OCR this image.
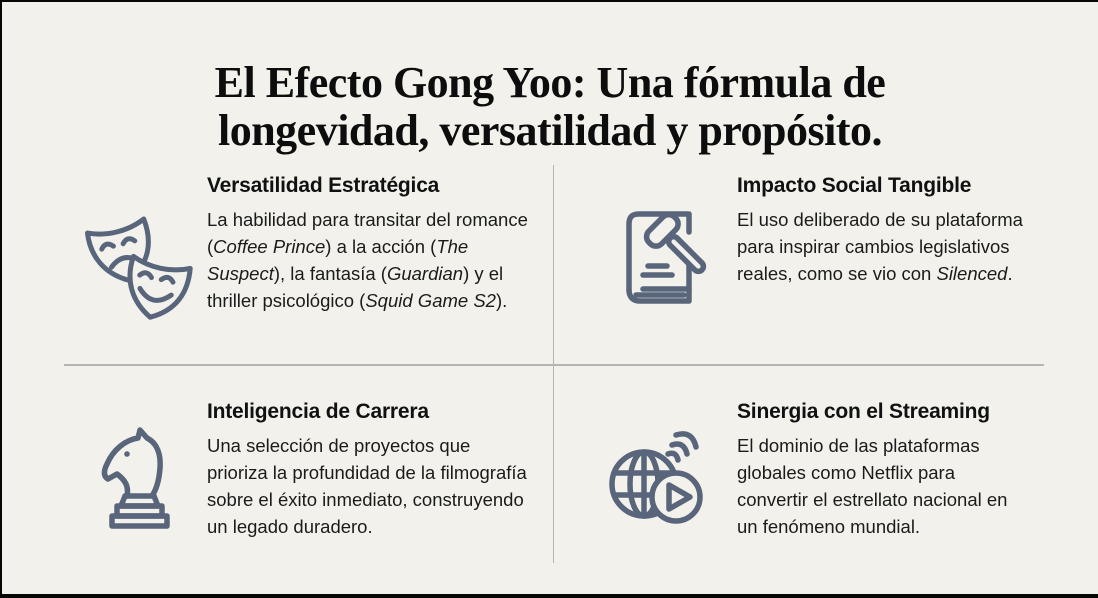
El Efecto Gong Yoo: Una fórmula de
longevidad, versatilidad y propósito.
Versatilidad Estratégica

La habilidad para transitar del romance (Coffee Prince) a la acción (The Suspect), la fantasía (Guardian) y el thriller psicológico (Squid Game S2).

Impacto Social Tangible

El uso deliberado de su plataforma para inspirar cambios legislativos reales, como se vio con Silenced.

Inteligencia de Carrera

Una selección de proyectos que prioriza la profundidad de la filmografía sobre el éxito inmediato, construyendo un legado duradero.

Sinergia con el Streaming

El dominio de las plataformas globales como Netflix para convertir el estrellato nacional en un fenómeno mundial.
